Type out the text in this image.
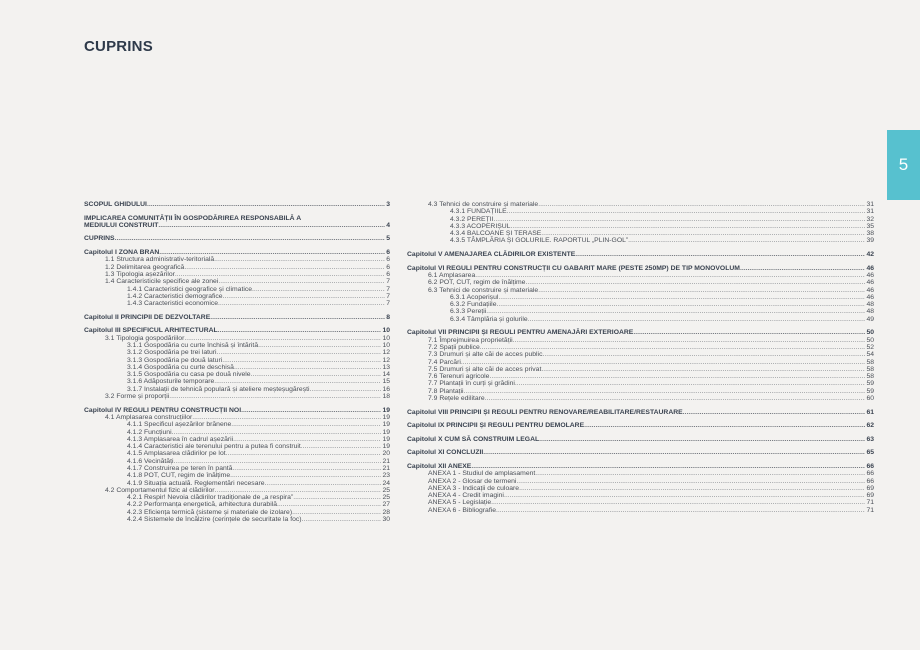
CUPRINS
5
SCOPUL GHIDULUI .....	3
IMPLICAREA COMUNITĂȚII ÎN GOSPODĂRIREA RESPONSABILĂ A
MEDIULUI CONSTRUIT .....	4
CUPRINS .....	5
Capitolul I ZONA BRAN .....	6
1.1 Structura administrativ-teritorială .....	6
1.2 Delimitarea geografică .....	6
1.3 Tipologia așezărilor .....	6
1.4 Caracteristicile specifice ale zonei .....	7
1.4.1 Caracteristici geografice și climatice .....	7
1.4.2 Caracteristici demografice .....	7
1.4.3 Caracteristici economice .....	7
Capitolul II PRINCIPII DE DEZVOLTARE .....	8
Capitolul III SPECIFICUL ARHITECTURAL .....	10
3.1 Tipologia gospodăriilor .....	10
3.1.1 Gospodăria cu curte închisă și întărită .....	10
3.1.2 Gospodăria pe trei laturi .....	12
3.1.3 Gospodăria pe două laturi .....	12
3.1.4 Gospodăria cu curte deschisă .....	13
3.1.5 Gospodăria cu casa pe două nivele .....	14
3.1.6 Adăposturile temporare .....	15
3.1.7 Instalații de tehnică populară și ateliere meșteșugărești .....	16
3.2 Forme și proporții .....	18
Capitolul IV REGULI PENTRU CONSTRUCȚII NOI .....	19
4.1 Amplasarea construcțiilor .....	19
4.1.1 Specificul așezărilor brănene .....	19
4.1.2 Funcțiuni .....	19
4.1.3 Amplasarea în cadrul așezării .....	19
4.1.4 Caracteristici ale terenului pentru a putea fi construit .....	19
4.1.5 Amplasarea clădirilor pe lot .....	20
4.1.6 Vecinătăți .....	21
4.1.7 Construirea pe teren în pantă .....	21
4.1.8 POT, CUT, regim de înălțime .....	23
4.1.9 Situația actuală. Reglementări necesare .....	24
4.2 Comportamentul fizic al clădirilor .....	25
4.2.1 Respir! Nevoia clădirilor tradiționale de „a respira” .....	25
4.2.2 Performanța energetică, arhitectura durabilă .....	27
4.2.3 Eficiența termică (sisteme și materiale de izolare) .....	28
4.2.4 Sistemele de încălzire (cerințele de securitate la foc) .....	30
4.3 Tehnici de construire și materiale .....	31
4.3.1 FUNDAȚIILE .....	31
4.3.2 PEREȚII .....	32
4.3.3 ACOPERIȘUL .....	35
4.3.4 BALCOANE ȘI TERASE .....	38
4.3.5 TÂMPLĂRIA ȘI GOLURILE. RAPORTUL „PLIN-GOL” .....	39
Capitolul V AMENAJAREA CLĂDIRILOR EXISTENTE .....	42
Capitolul VI REGULI PENTRU CONSTRUCȚII CU GABARIT MARE (PESTE 250MP) DE TIP MONOVOLUM .....	46
6.1 Amplasarea .....	46
6.2 POT, CUT, regim de înălțime .....	46
6.3 Tehnici de construire și materiale .....	46
6.3.1 Acoperișul .....	46
6.3.2 Fundațiile .....	48
6.3.3 Pereții .....	48
6.3.4 Tâmplăria și golurile .....	49
Capitolul VII PRINCIPII ȘI REGULI PENTRU AMENAJĂRI EXTERIOARE .....	50
7.1 Împrejmuirea proprietății .....	50
7.2 Spații publice .....	52
7.3 Drumuri și alte căi de acces public .....	54
7.4 Parcări .....	58
7.5 Drumuri și alte căi de acces privat .....	58
7.6 Terenuri agricole .....	58
7.7 Plantații în curți și grădini .....	59
7.8 Plantații .....	59
7.9 Rețele edilitare .....	60
Capitolul VIII PRINCIPII ȘI REGULI PENTRU RENOVARE/REABILITARE/RESTAURARE .....	61
Capitolul IX PRINCIPII ȘI REGULI PENTRU DEMOLARE .....	62
Capitolul X CUM SĂ CONSTRUIM LEGAL .....	63
Capitolul XI CONCLUZII .....	65
Capitolul XII ANEXE .....	66
ANEXA 1 - Studiul de amplasament .....	66
ANEXA 2 - Glosar de termeni .....	66
ANEXA 3 - Indicații de culoare .....	69
ANEXA 4 - Credit imagini .....	69
ANEXA 5 - Legislație .....	71
ANEXA 6 - Bibliografie .....	71
